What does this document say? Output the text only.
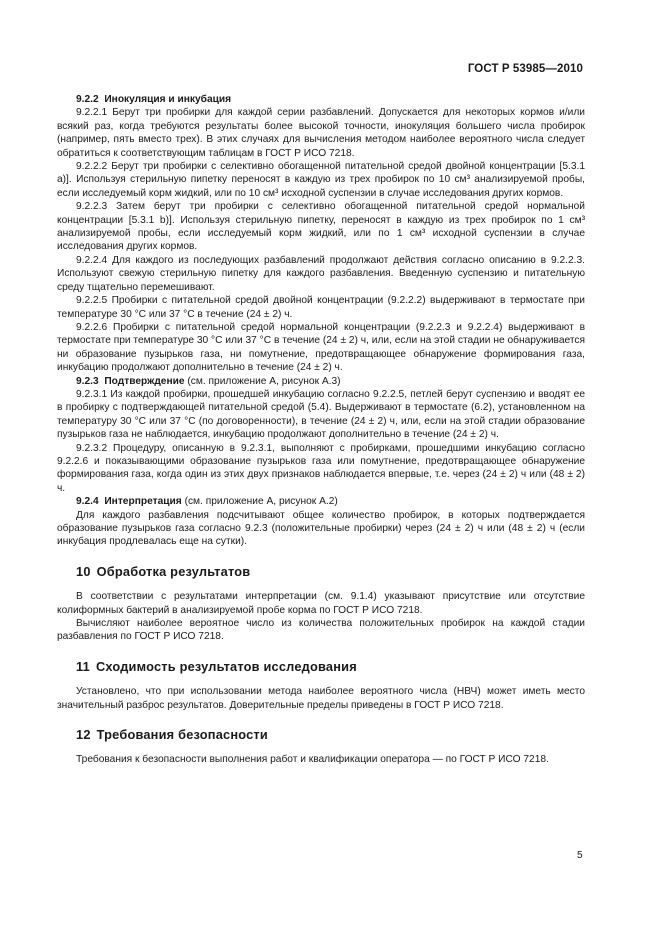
ГОСТ Р 53985—2010
9.2.2 Инокуляция и инкубация
9.2.2.1 Берут три пробирки для каждой серии разбавлений. Допускается для некоторых кормов и/или всякий раз, когда требуются результаты более высокой точности, инокуляция большего числа пробирок (например, пять вместо трех). В этих случаях для вычисления методом наиболее вероятного числа следует обратиться к соответствующим таблицам в ГОСТ Р ИСО 7218.
9.2.2.2 Берут три пробирки с селективно обогащенной питательной средой двойной концентрации [5.3.1 a)]. Используя стерильную пипетку переносят в каждую из трех пробирок по 10 см³ анализируемой пробы, если исследуемый корм жидкий, или по 10 см³ исходной суспензии в случае исследования других кормов.
9.2.2.3 Затем берут три пробирки с селективно обогащенной питательной средой нормальной концентрации [5.3.1 b)]. Используя стерильную пипетку, переносят в каждую из трех пробирок по 1 см³ анализируемой пробы, если исследуемый корм жидкий, или по 1 см³ исходной суспензии в случае исследования других кормов.
9.2.2.4 Для каждого из последующих разбавлений продолжают действия согласно описанию в 9.2.2.3. Используют свежую стерильную пипетку для каждого разбавления. Введенную суспензию и питательную среду тщательно перемешивают.
9.2.2.5 Пробирки с питательной средой двойной концентрации (9.2.2.2) выдерживают в термостате при температуре 30 °С или 37 °С в течение (24 ± 2) ч.
9.2.2.6 Пробирки с питательной средой нормальной концентрации (9.2.2.3 и 9.2.2.4) выдерживают в термостате при температуре 30 °С или 37 °С в течение (24 ± 2) ч, или, если на этой стадии не обнаруживается ни образование пузырьков газа, ни помутнение, предотвращающее обнаружение формирования газа, инкубацию продолжают дополнительно в течение (24 ± 2) ч.
9.2.3 Подтверждение (см. приложение А, рисунок А.3)
9.2.3.1 Из каждой пробирки, прошедшей инкубацию согласно 9.2.2.5, петлей берут суспензию и вводят ее в пробирку с подтверждающей питательной средой (5.4). Выдерживают в термостате (6.2), установленном на температуру 30 °С или 37 °С (по договоренности), в течение (24 ± 2) ч, или, если на этой стадии образование пузырьков газа не наблюдается, инкубацию продолжают дополнительно в течение (24 ± 2) ч.
9.2.3.2 Процедуру, описанную в 9.2.3.1, выполняют с пробирками, прошедшими инкубацию согласно 9.2.2.6 и показывающими образование пузырьков газа или помутнение, предотвращающее обнаружение формирования газа, когда один из этих двух признаков наблюдается впервые, т.е. через (24 ± 2) ч или (48 ± 2) ч.
9.2.4 Интерпретация (см. приложение А, рисунок А.2)
Для каждого разбавления подсчитывают общее количество пробирок, в которых подтверждается образование пузырьков газа согласно 9.2.3 (положительные пробирки) через (24 ± 2) ч или (48 ± 2) ч (если инкубация продлевалась еще на сутки).
10 Обработка результатов
В соответствии с результатами интерпретации (см. 9.1.4) указывают присутствие или отсутствие колиформных бактерий в анализируемой пробе корма по ГОСТ Р ИСО 7218.
Вычисляют наиболее вероятное число из количества положительных пробирок на каждой стадии разбавления по ГОСТ Р ИСО 7218.
11 Сходимость результатов исследования
Установлено, что при использовании метода наиболее вероятного числа (НВЧ) может иметь место значительный разброс результатов. Доверительные пределы приведены в ГОСТ Р ИСО 7218.
12 Требования безопасности
Требования к безопасности выполнения работ и квалификации оператора — по ГОСТ Р ИСО 7218.
5
